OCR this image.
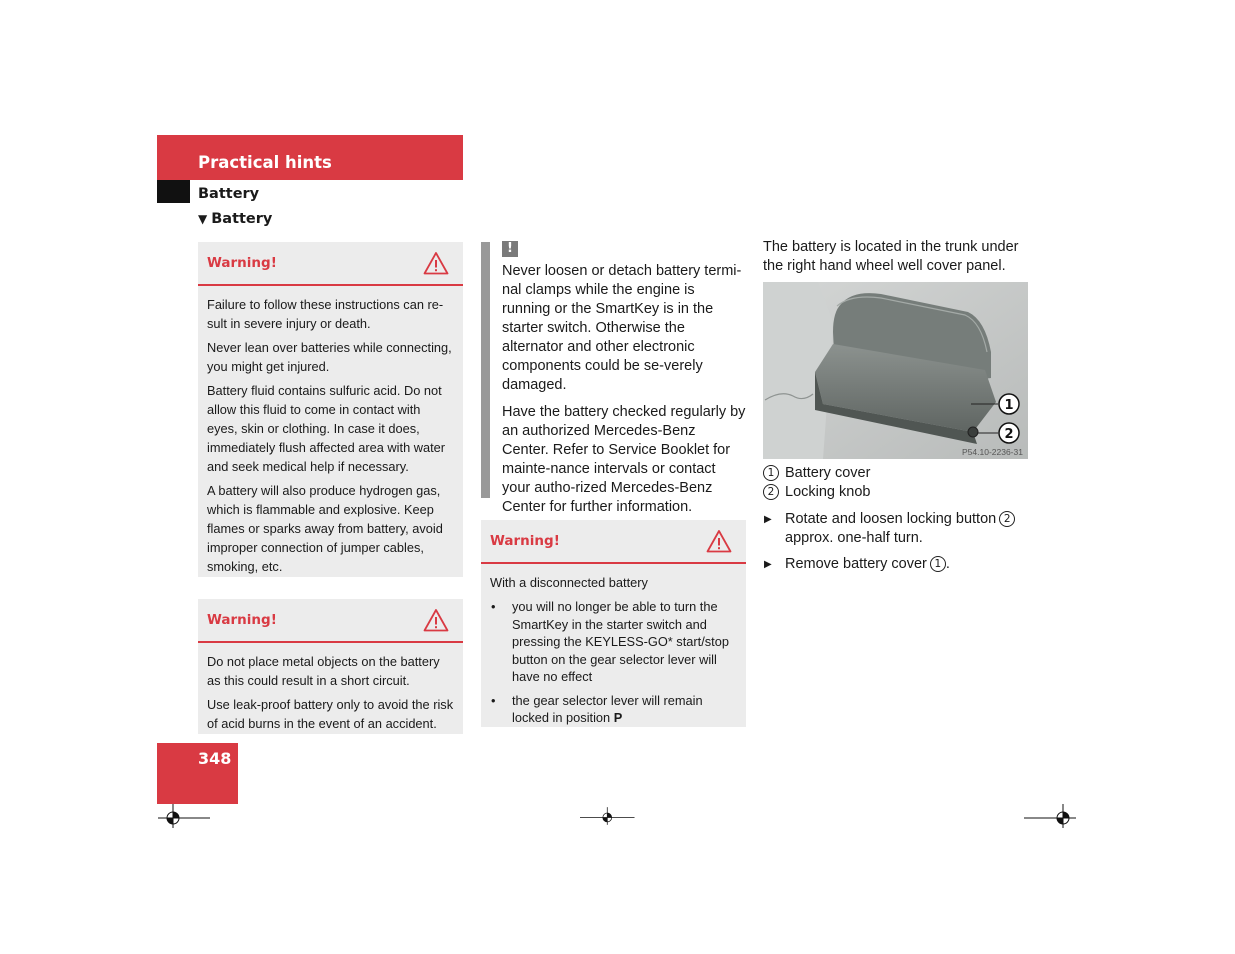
Practical hints
Battery
▼ Battery
Warning!

Failure to follow these instructions can re-sult in severe injury or death.

Never lean over batteries while connecting, you might get injured.

Battery fluid contains sulfuric acid. Do not allow this fluid to come in contact with eyes, skin or clothing. In case it does, immediately flush affected area with water and seek medical help if necessary.

A battery will also produce hydrogen gas, which is flammable and explosive. Keep flames or sparks away from battery, avoid improper connection of jumper cables, smoking, etc.

Warning!

Do not place metal objects on the battery as this could result in a short circuit.

Use leak-proof battery only to avoid the risk of acid burns in the event of an accident.

!

Never loosen or detach battery termi-nal clamps while the engine is running or the SmartKey is in the starter switch. Otherwise the alternator and other electronic components could be se-verely damaged.

Have the battery checked regularly by an authorized Mercedes-Benz Center. Refer to Service Booklet for mainte-nance intervals or contact your autho-rized Mercedes-Benz Center for further information.

Warning!

With a disconnected battery

• you will no longer be able to turn the SmartKey in the starter switch and pressing the KEYLESS-GO* start/stop button on the gear selector lever will have no effect
• the gear selector lever will remain locked in position P
The battery is located in the trunk under the right hand wheel well cover panel.
1
2
P54.10-2236-31
1 Battery cover
2 Locking knob
▶ Rotate and loosen locking button 2 approx. one-half turn.
▶ Remove battery cover 1 .
348
